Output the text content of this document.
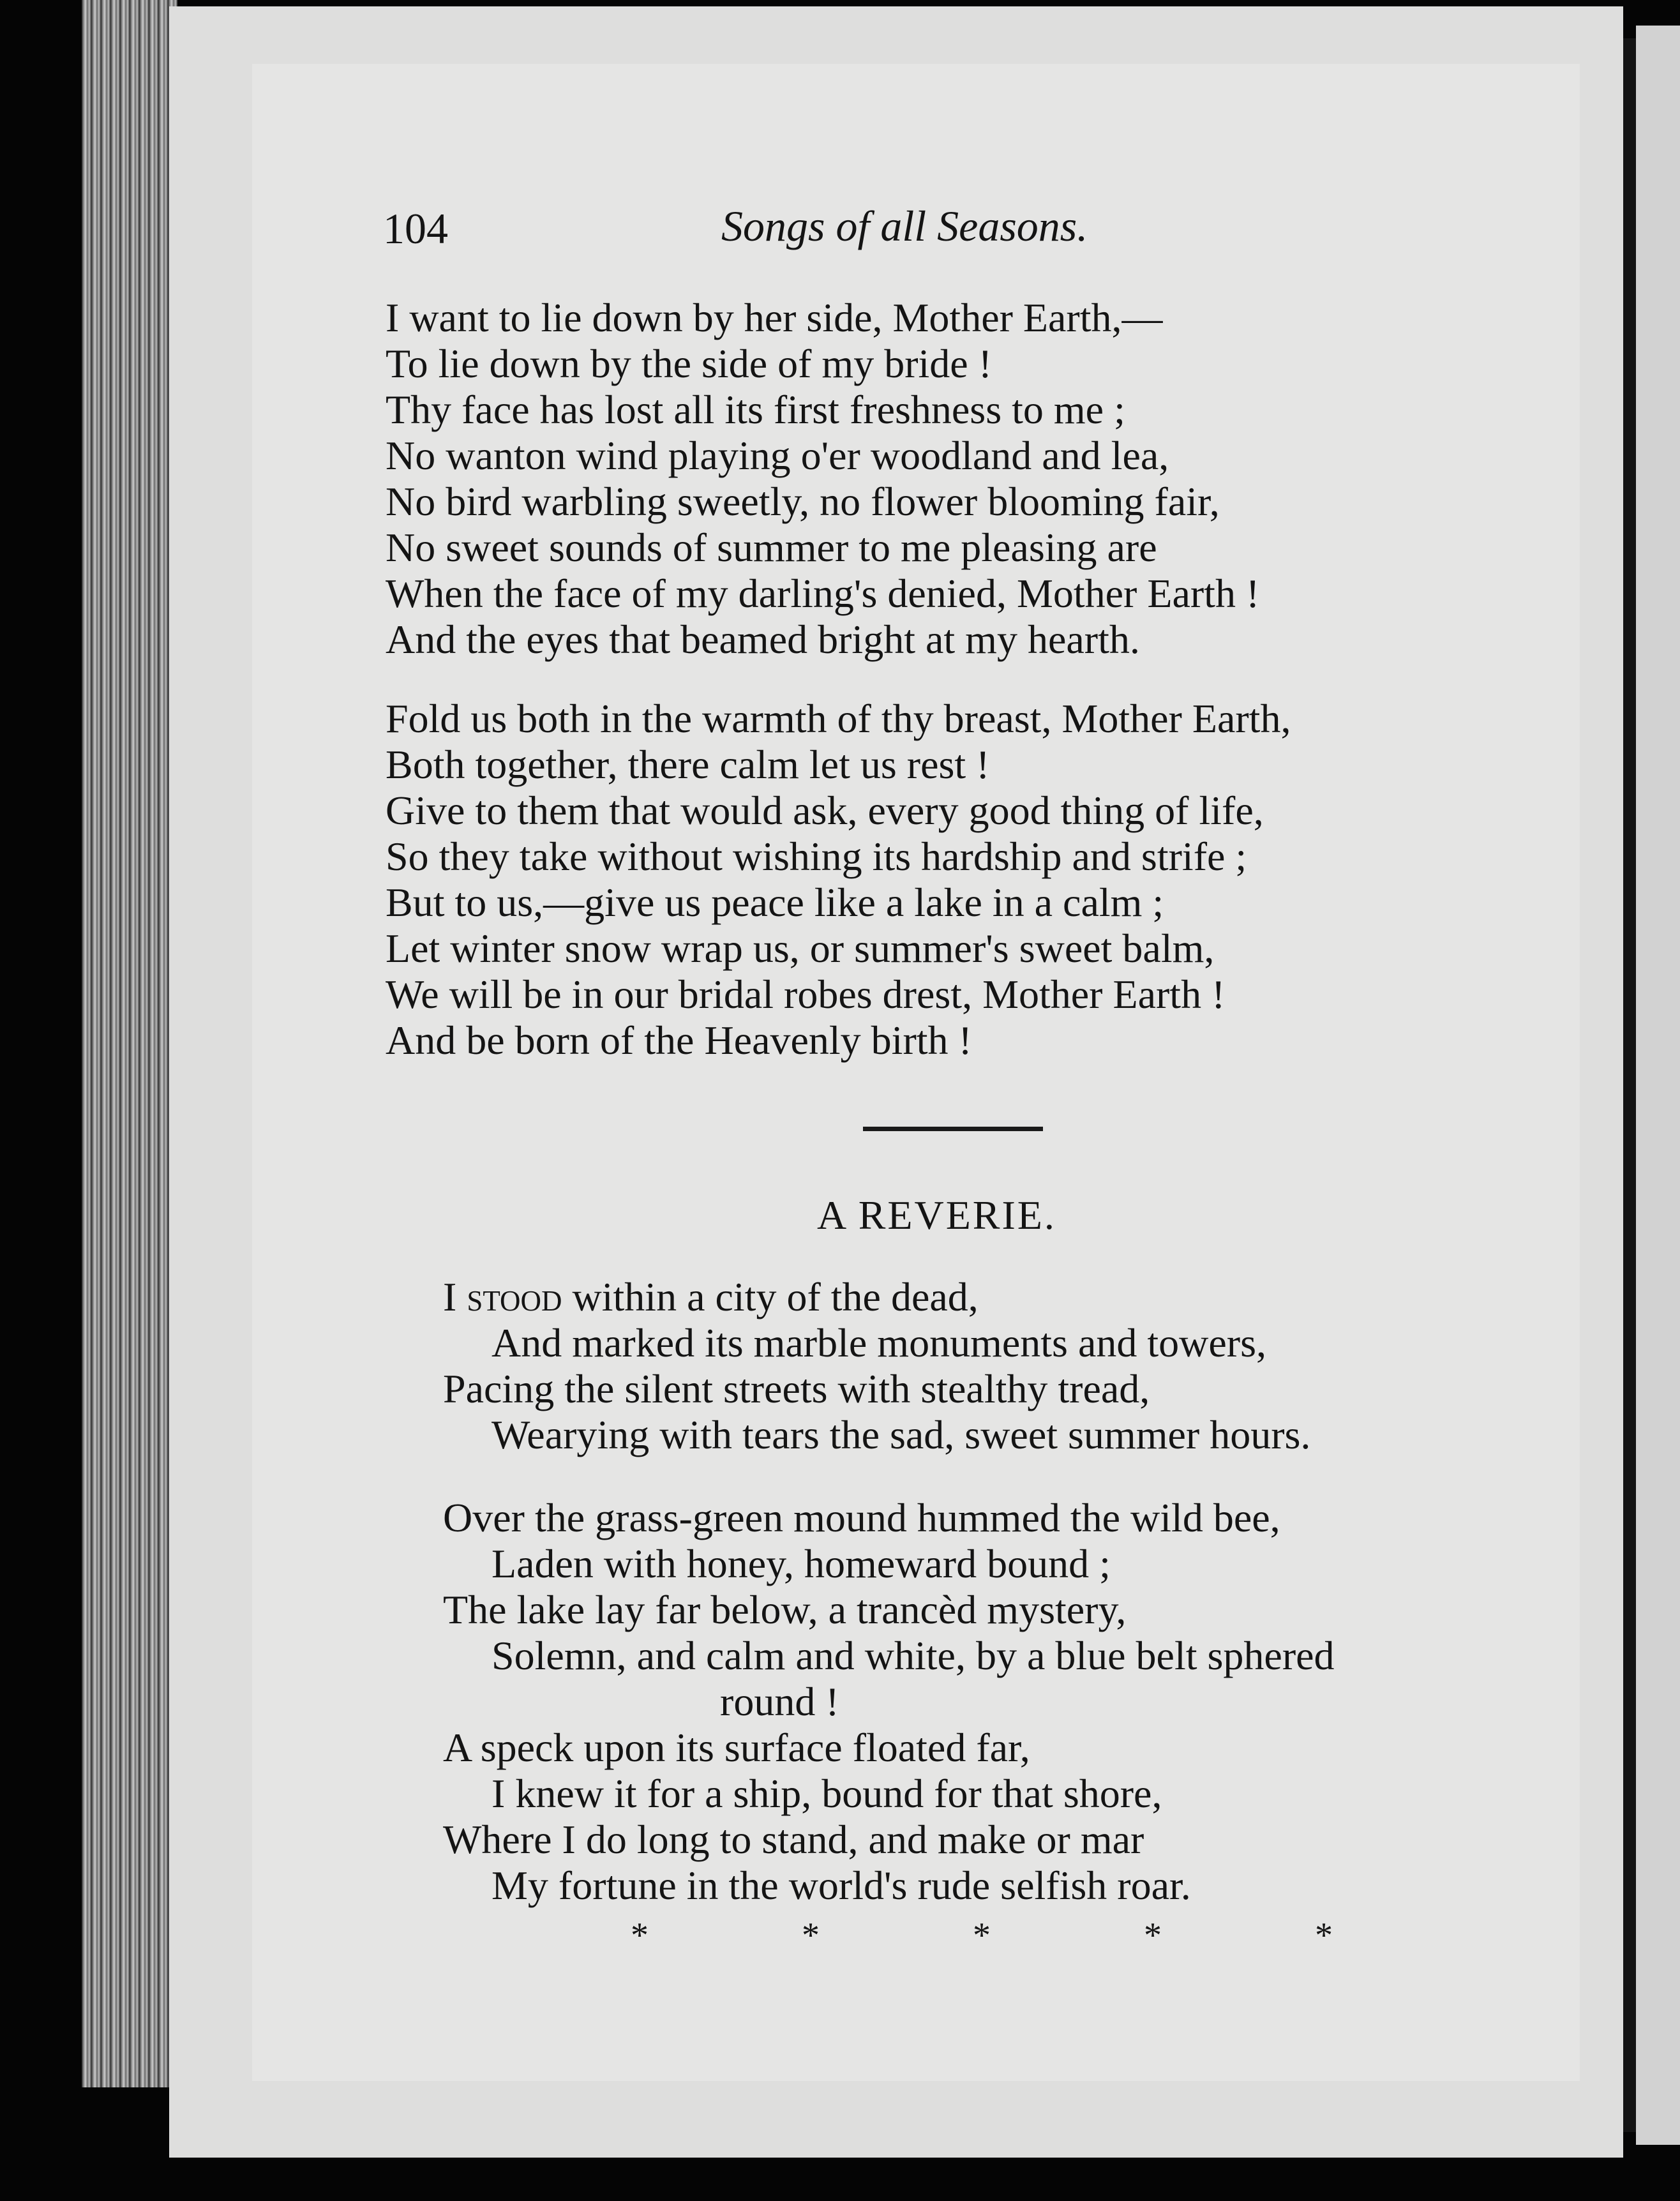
104	Songs of all Seasons.
I want to lie down by her side, Mother Earth,—
To lie down by the side of my bride !
Thy face has lost all its first freshness to me ;
No wanton wind playing o'er woodland and lea,
No bird warbling sweetly, no flower blooming fair,
No sweet sounds of summer to me pleasing are
When the face of my darling's denied, Mother Earth !
And the eyes that beamed bright at my hearth.
Fold us both in the warmth of thy breast, Mother Earth,
Both together, there calm let us rest !
Give to them that would ask, every good thing of life,
So they take without wishing its hardship and strife ;
But to us,—give us peace like a lake in a calm ;
Let winter snow wrap us, or summer's sweet balm,
We will be in our bridal robes drest, Mother Earth !
And be born of the Heavenly birth !
A REVERIE.
I stood within a city of the dead,
And marked its marble monuments and towers,
Pacing the silent streets with stealthy tread,
Wearying with tears the sad, sweet summer hours.
Over the grass-green mound hummed the wild bee,
Laden with honey, homeward bound ;
The lake lay far below, a trancèd mystery,
Solemn, and calm and white, by a blue belt sphered
round !
A speck upon its surface floated far,
I knew it for a ship, bound for that shore,
Where I do long to stand, and make or mar
My fortune in the world's rude selfish roar.
*	*	*	*	*
